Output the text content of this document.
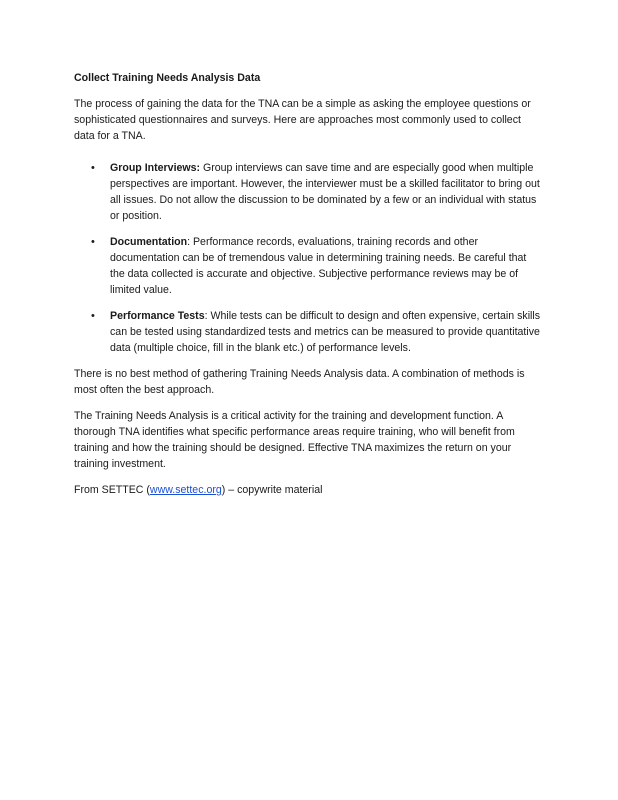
Collect Training Needs Analysis Data

The process of gaining the data for the TNA can be a simple as asking the employee questions or sophisticated questionnaires and surveys. Here are approaches most commonly used to collect data for a TNA.

• Group Interviews: Group interviews can save time and are especially good when multiple perspectives are important. However, the interviewer must be a skilled facilitator to bring out all issues. Do not allow the discussion to be dominated by a few or an individual with status or position.
• Documentation: Performance records, evaluations, training records and other documentation can be of tremendous value in determining training needs. Be careful that the data collected is accurate and objective. Subjective performance reviews may be of limited value.
• Performance Tests: While tests can be difficult to design and often expensive, certain skills can be tested using standardized tests and metrics can be measured to provide quantitative data (multiple choice, fill in the blank etc.) of performance levels.

There is no best method of gathering Training Needs Analysis data. A combination of methods is most often the best approach.

The Training Needs Analysis is a critical activity for the training and development function. A thorough TNA identifies what specific performance areas require training, who will benefit from training and how the training should be designed. Effective TNA maximizes the return on your training investment.

From SETTEC (www.settec.org) – copywrite material
